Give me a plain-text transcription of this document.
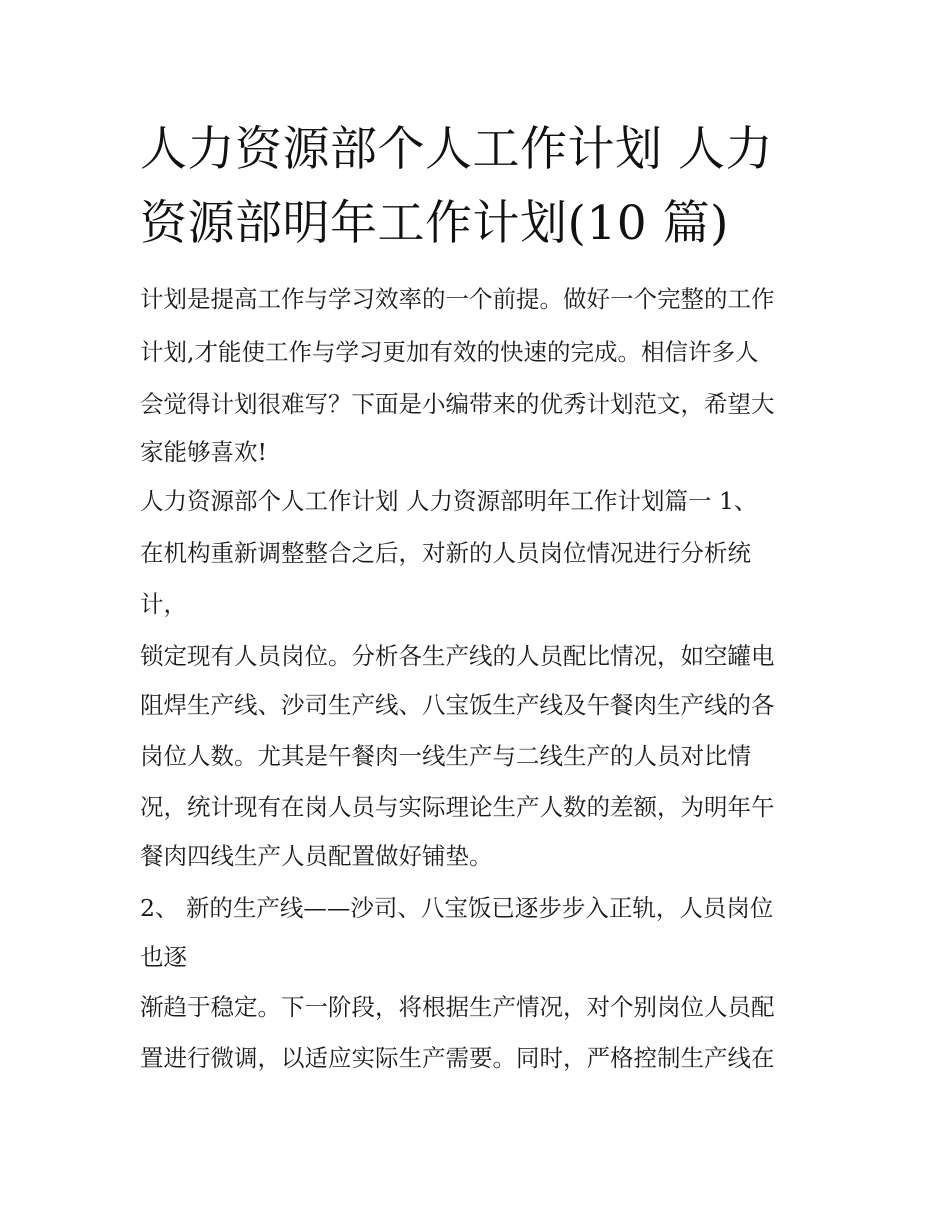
人力资源部个人工作计划 人力
资源部明年工作计划(10 篇)

计划是提高工作与学习效率的一个前提。做好一个完整的工作

计划,才能使工作与学习更加有效的快速的完成。相信许多人

会觉得计划很难写？下面是小编带来的优秀计划范文，希望大

家能够喜欢!

人力资源部个人工作计划 人力资源部明年工作计划篇一 1、

在机构重新调整整合之后，对新的人员岗位情况进行分析统

计，

锁定现有人员岗位。分析各生产线的人员配比情况，如空罐电

阻焊生产线、沙司生产线、八宝饭生产线及午餐肉生产线的各

岗位人数。尤其是午餐肉一线生产与二线生产的人员对比情

况，统计现有在岗人员与实际理论生产人数的差额，为明年午

餐肉四线生产人员配置做好铺垫。

2、 新的生产线——沙司、八宝饭已逐步步入正轨，人员岗位

也逐

渐趋于稳定。下一阶段，将根据生产情况，对个别岗位人员配

置进行微调，以适应实际生产需要。同时，严格控制生产线在
